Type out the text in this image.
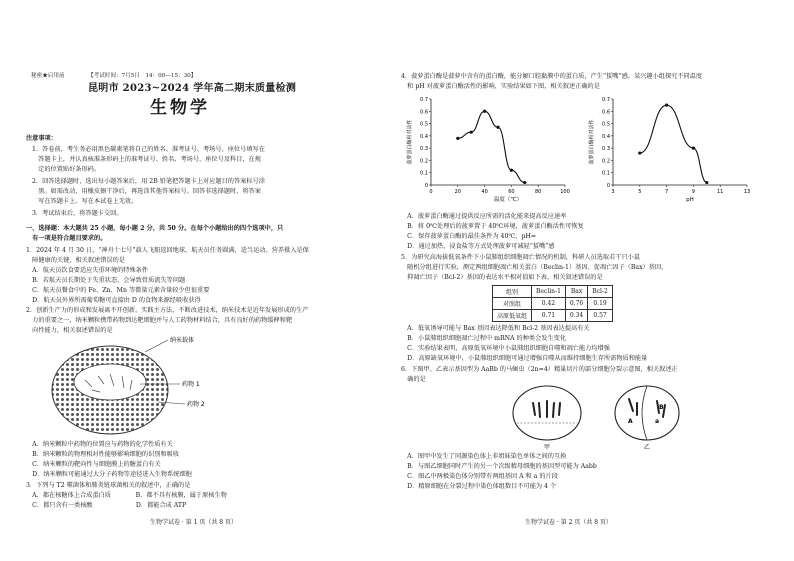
秘密★启用前	【考试时间：7月5日　14：00—15：30】
昆明市 2023~2024 学年高二期末质量检测
生物学
注意事项：
1．答卷前，考生务必用黑色碳素笔将自己的姓名、准考证号、考场号、座位号填写在
　答题卡上，并认真核准条形码上的准考证号、姓名、考场号、座位号及科目，在规
　定的位置贴好条形码。
2．回答选择题时，选出每小题答案后，用 2B 铅笔把答题卡上对应题目的答案标号涂
　黑。如需改动，用橡皮擦干净后，再选涂其他答案标号。回答非选择题时，将答案
　写在答题卡上。写在本试卷上无效。
3．考试结束后，将答题卡交回。
一、选择题：本大题共 25 小题，每小题 2 分，共 50 分。在每个小题给出的四个选项中，只
　有一项是符合题目要求的。
1．2024 年 4 月 30 日，“神舟十七号”载人飞船返回地球，航天员任务圆满，适当运动、营养摄入是保
　障健康的关键，相关叙述错误的是
　A．航天员饮食要适应失重环境的特殊条件
　B．若航天员长期处于失重状态，会导致骨质流失等问题
　C．航天员餐食中的 Fe、Zn、Mn 等微量元素含量较少但很重要
　D．航天员外界所需葡萄糖可直接由 D 的食物来源经吸收获得
2．创新生产力的形成和发展离不开创新。实践主方法，不断改进技术，纳米技术是近年发展形成的生产
　力的重要之一，纳米颗粒携带药物到达靶细胞并与人工药物材料结合，具有良好的药物缓释和靶
　向性能力，相关叙述错误的是
纳米载体
药物 1
药物 2
　A．纳米颗粒中药物的位置应与药物的化学性质有关
　B．纳米颗粒的物理相对性能够影响细胞的识别和吸收
　C．纳米颗粒的靶向性与细胞膜上的糖蛋白有关
　D．纳米颗粒可能通过大分子药物等途径进入生物系统细胞
3．下列与 T2 噬菌体和肺炎链球菌相关的叙述中，正确的是
　A．都在核糖体上合成蛋白质　　　　B．都不具有核膜，属于原核生物
　C．都只含有一类核酸　　　　　　　D．都能合成 ATP
生物学试卷 · 第 1 页（共 8 页）
4．菠萝蛋白酶是菠萝中含有的蛋白酶，能分解口腔黏膜中的蛋白质，产生“蜇嘴”感，某兴趣小组探究不同温度
　和 pH 对菠萝蛋白酶活性的影响，实验结果如下图，相关叙述正确的是
0
0.1
0.2
0.3
0.4
0.5
0.6
0.7
0	20	40	60	80	100
温度（℃）
菠萝蛋白酶相对活性
0
0.1
0.2
0.3
0.4
0.5
0.6
0.7
3	5	7	9	11	13
pH
菠萝蛋白酶相对活性
　A．菠萝蛋白酶通过提供反应所需的活化能来提高反应速率
　B．将 0℃处理后的菠萝置于 40℃环境，菠萝蛋白酶活性可恢复
　C．保存菠萝蛋白酶的最佳条件为 40℃，pH=
　D．通过加热、浸食盐等方式处理菠萝可减轻“蜇嘴”感
5．为研究高海拔低氧条件下小鼠肺组织细胞凋亡情况的机制，科研人员选取若干只小鼠
　随机分组进行实验，测定两组细胞凋亡相关蛋白（Beclin-1）基因、促凋亡因子（Bax）基因、
　抑凋亡因子（Bcl-2）基因的表达水平相对值如下表，相关叙述错误的是
组别	Beclin-1	Bax	Bcl-2
对照组	0.42	0.76	0.19
高原低氧组	0.71	0.34	0.57
　A．低氧诱导可能与 Bax 基因表达降低和 Bcl-2 基因表达提高有关
　B．小鼠肺组织细胞凋亡过程中 mRNA 的种类会发生变化
　C．实验结果表明，高原低氧环境中小鼠肺组织细胞自噬和凋亡能力均增强
　D．高原缺氧环境中，小鼠肺组织细胞可通过增强自噬从而维持细胞生存所需物质和能量
6．下图甲、乙表示基因型为 AaBb 的马蛔虫（2n=4）精巢切片的部分细胞分裂示意图，相关叙述正
　确的是
A	a
B
甲	乙
　A．图甲中发生了同源染色体上非姐妹染色单体之间的互换
　B．与图乙细胞同时产生的另一个次级精母细胞的基因型可能为 Aabb
　C．图乙中两极染色体分别带有两组基因 A 和 a 的片段
　D．精原细胞在分裂过程中染色体组数目不可能为 4 个
生物学试卷 · 第 2 页（共 8 页）
